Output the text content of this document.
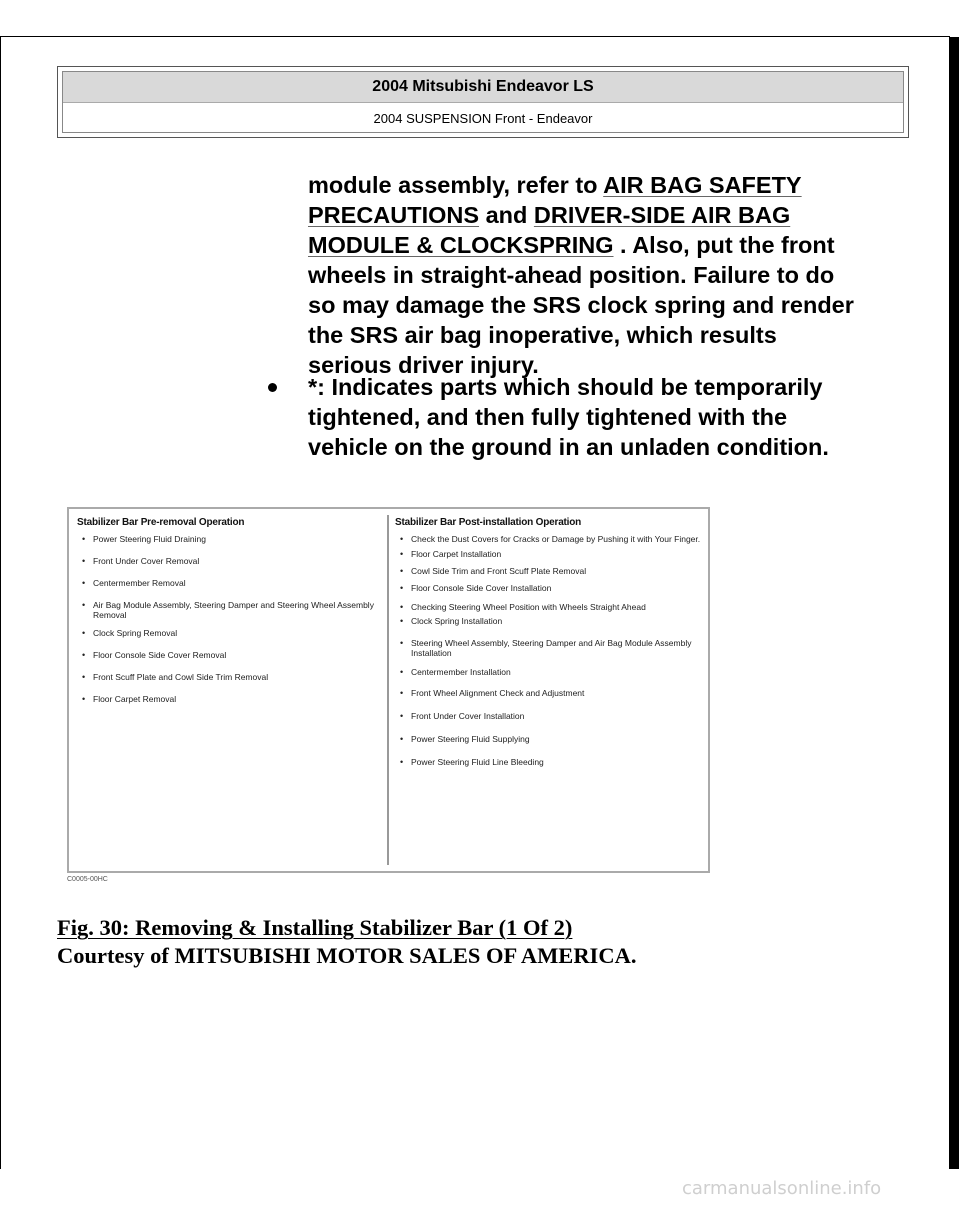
2004 Mitsubishi Endeavor LS
2004 SUSPENSION Front - Endeavor
module assembly, refer to AIR BAG SAFETY
PRECAUTIONS and DRIVER-SIDE AIR BAG
MODULE & CLOCKSPRING . Also, put the front
wheels in straight-ahead position. Failure to do
so may damage the SRS clock spring and render
the SRS air bag inoperative, which results
serious driver injury.
*: Indicates parts which should be temporarily
tightened, and then fully tightened with the
vehicle on the ground in an unladen condition.
Stabilizer Bar Pre-removal Operation

• Power Steering Fluid Draining

• Front Under Cover Removal

• Centermember Removal

• Air Bag Module Assembly, Steering Damper and Steering Wheel Assembly Removal

• Clock Spring Removal

• Floor Console Side Cover Removal

• Front Scuff Plate and Cowl Side Trim Removal

• Floor Carpet Removal

Stabilizer Bar Post-installation Operation

• Check the Dust Covers for Cracks or Damage by Pushing it with Your Finger.

• Floor Carpet Installation

• Cowl Side Trim and Front Scuff Plate Removal

• Floor Console Side Cover Installation

• Checking Steering Wheel Position with Wheels Straight Ahead

• Clock Spring Installation

• Steering Wheel Assembly, Steering Damper and Air Bag Module Assembly Installation

• Centermember Installation

• Front Wheel Alignment Check and Adjustment

• Front Under Cover Installation

• Power Steering Fluid Supplying

• Power Steering Fluid Line Bleeding

C0005-00HC
Fig. 30: Removing & Installing Stabilizer Bar (1 Of 2)
Courtesy of MITSUBISHI MOTOR SALES OF AMERICA.
carmanualsonline.info
